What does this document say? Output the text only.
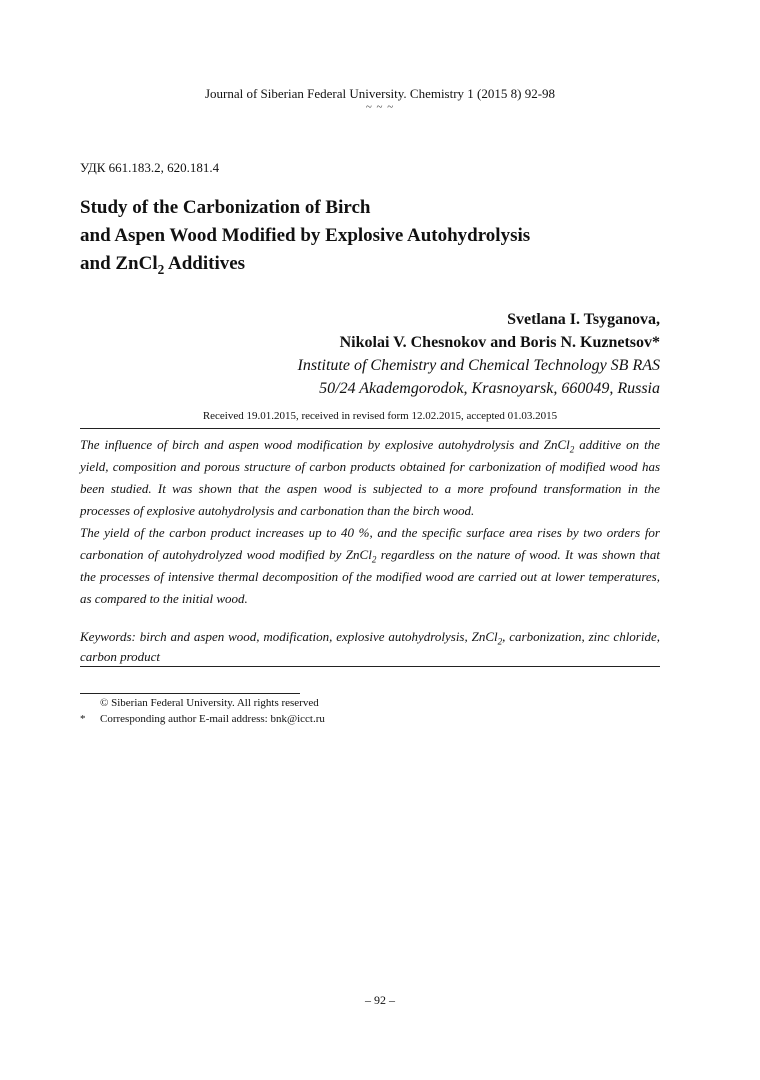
Journal of Siberian Federal University. Chemistry 1 (2015 8) 92-98
~ ~ ~
УДК 661.183.2, 620.181.4
Study of the Carbonization of Birch
and Aspen Wood Modified by Explosive Autohydrolysis
and ZnCl$_2$ Additives
Svetlana I. Tsyganova,
Nikolai V. Chesnokov and Boris N. Kuznetsov*
Institute of Chemistry and Chemical Technology SB RAS
50/24 Akademgorodok, Krasnoyarsk, 660049, Russia
Received 19.01.2015, received in revised form 12.02.2015, accepted 01.03.2015

The influence of birch and aspen wood modification by explosive autohydrolysis and ZnCl$_2$ additive on the yield, composition and porous structure of carbon products obtained for carbonization of modified wood has been studied. It was shown that the aspen wood is subjected to a more profound transformation in the processes of explosive autohydrolysis and carbonation than the birch wood.

The yield of the carbon product increases up to 40 %, and the specific surface area rises by two orders for carbonation of autohydrolyzed wood modified by ZnCl$_2$ regardless on the nature of wood. It was shown that the processes of intensive thermal decomposition of the modified wood are carried out at lower temperatures, as compared to the initial wood.

Keywords: birch and aspen wood, modification, explosive autohydrolysis, ZnCl$_2$, carbonization, zinc chloride, carbon product
© Siberian Federal University. All rights reserved
* Corresponding author E-mail address: bnk@icct.ru
– 92 –
